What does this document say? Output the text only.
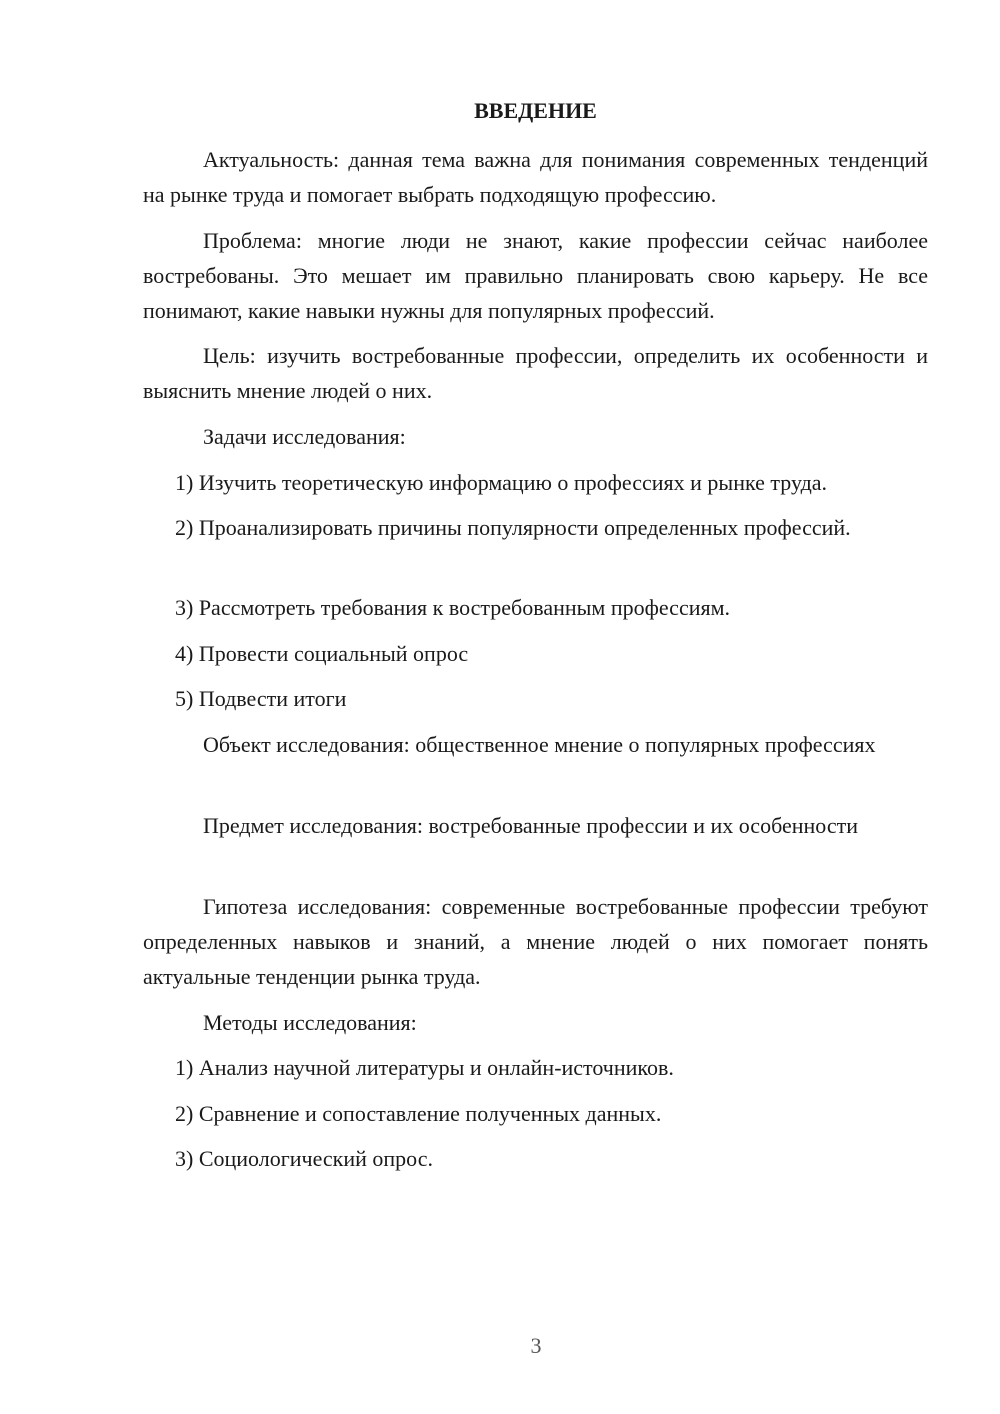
ВВЕДЕНИЕ

Актуальность: данная тема важна для понимания современных тенденций на рынке труда и помогает выбрать подходящую профессию.

Проблема: многие люди не знают, какие профессии сейчас наиболее востребованы. Это мешает им правильно планировать свою карьеру. Не все понимают, какие навыки нужны для популярных профессий.

Цель: изучить востребованные профессии, определить их особенности и выяснить мнение людей о них.

Задачи исследования:

1) Изучить теоретическую информацию о профессиях и рынке труда.

2) Проанализировать причины популярности определенных профессий.

3) Рассмотреть требования к востребованным профессиям.

4) Провести социальный опрос

5) Подвести итоги

Объект исследования: общественное мнение о популярных профессиях

Предмет исследования: востребованные профессии и их особенности

Гипотеза исследования: современные востребованные профессии требуют определенных навыков и знаний, а мнение людей о них помогает понять актуальные тенденции рынка труда.

Методы исследования:

1) Анализ научной литературы и онлайн-источников.

2) Сравнение и сопоставление полученных данных.

3) Социологический опрос.

3
